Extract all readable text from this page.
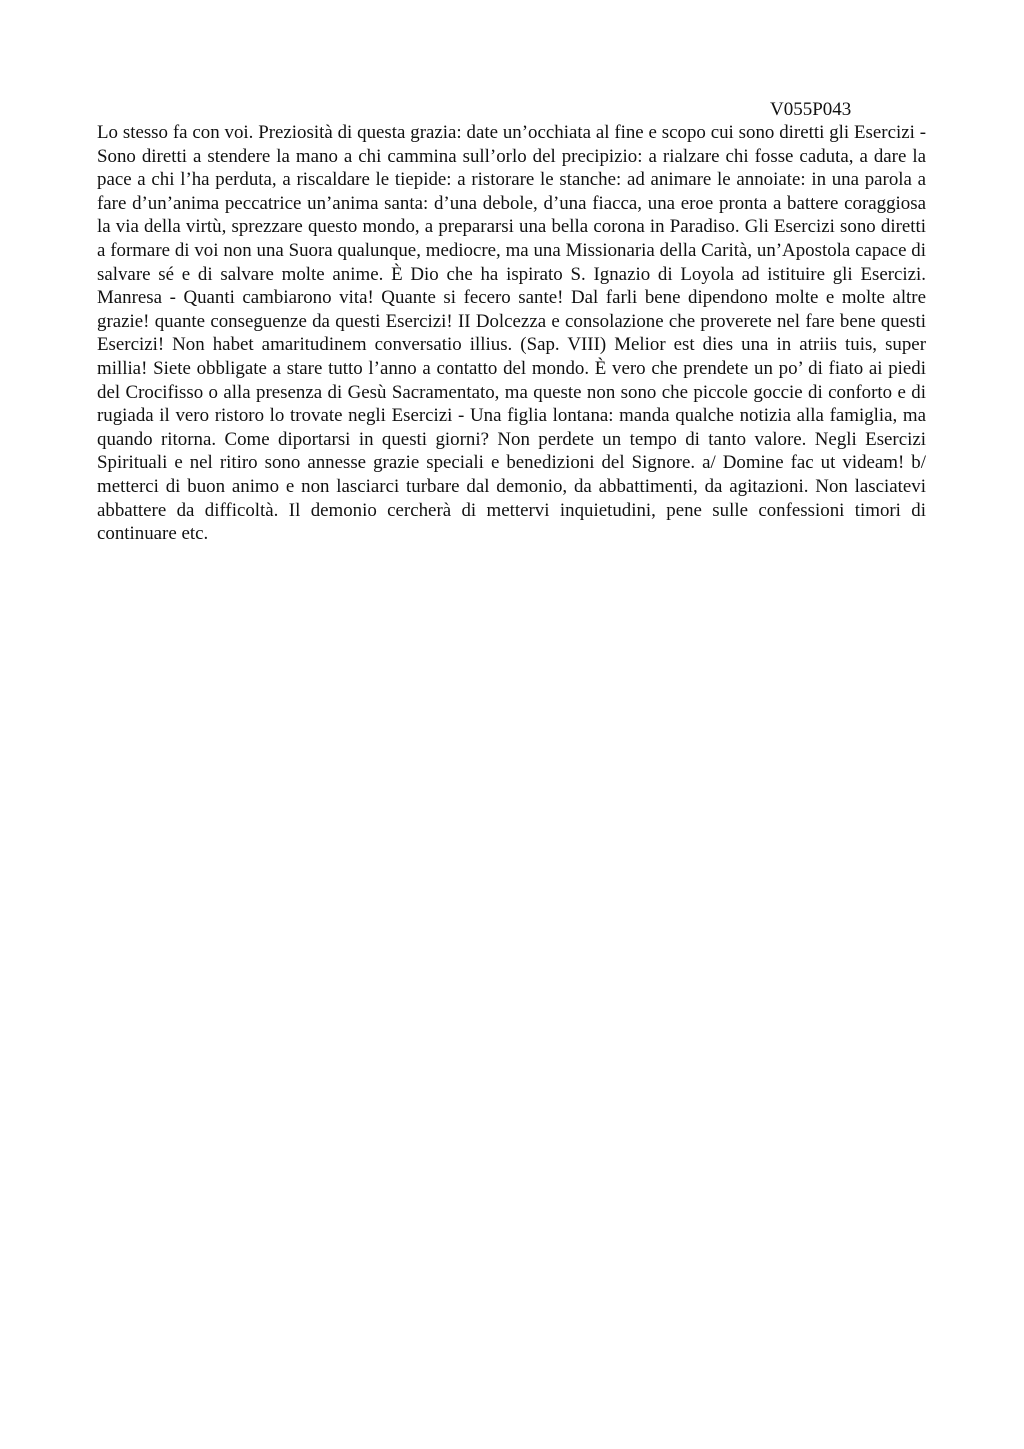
V055P043

Lo stesso fa con voi. Preziosità di questa grazia: date un’occhiata al fine e scopo cui sono diretti gli Esercizi - Sono diretti a stendere la mano a chi cammina sull’orlo del precipizio: a rialzare chi fosse caduta, a dare la pace a chi l’ha perduta, a riscaldare le tiepide: a ristorare le stanche: ad animare le annoiate: in una parola a fare d’un’anima peccatrice un’anima santa: d’una debole, d’una fiacca, una eroe pronta a battere coraggiosa la via della virtù, sprezzare questo mondo, a prepararsi una bella corona in Paradiso. Gli Esercizi sono diretti a formare di voi non una Suora qualunque, mediocre, ma una Missionaria della Carità, un’Apostola capace di salvare sé e di salvare molte anime. È Dio che ha ispirato S. Ignazio di Loyola ad istituire gli Esercizi. Manresa - Quanti cambiarono vita! Quante si fecero sante! Dal farli bene dipendono molte e molte altre grazie! quante conseguenze da questi Esercizi! II Dolcezza e consolazione che proverete nel fare bene questi Esercizi! Non habet amaritudinem conversatio illius. (Sap. VIII) Melior est dies una in atriis tuis, super millia! Siete obbligate a stare tutto l’anno a contatto del mondo. È vero che prendete un po’ di fiato ai piedi del Crocifisso o alla presenza di Gesù Sacramentato, ma queste non sono che piccole goccie di conforto e di rugiada il vero ristoro lo trovate negli Esercizi - Una figlia lontana: manda qualche notizia alla famiglia, ma quando ritorna. Come diportarsi in questi giorni? Non perdete un tempo di tanto valore. Negli Esercizi Spirituali e nel ritiro sono annesse grazie speciali e benedizioni del Signore. a/ Domine fac ut videam! b/ metterci di buon animo e non lasciarci turbare dal demonio, da abbattimenti, da agitazioni. Non lasciatevi abbattere da difficoltà. Il demonio cercherà di mettervi inquietudini, pene sulle confessioni timori di continuare etc.
